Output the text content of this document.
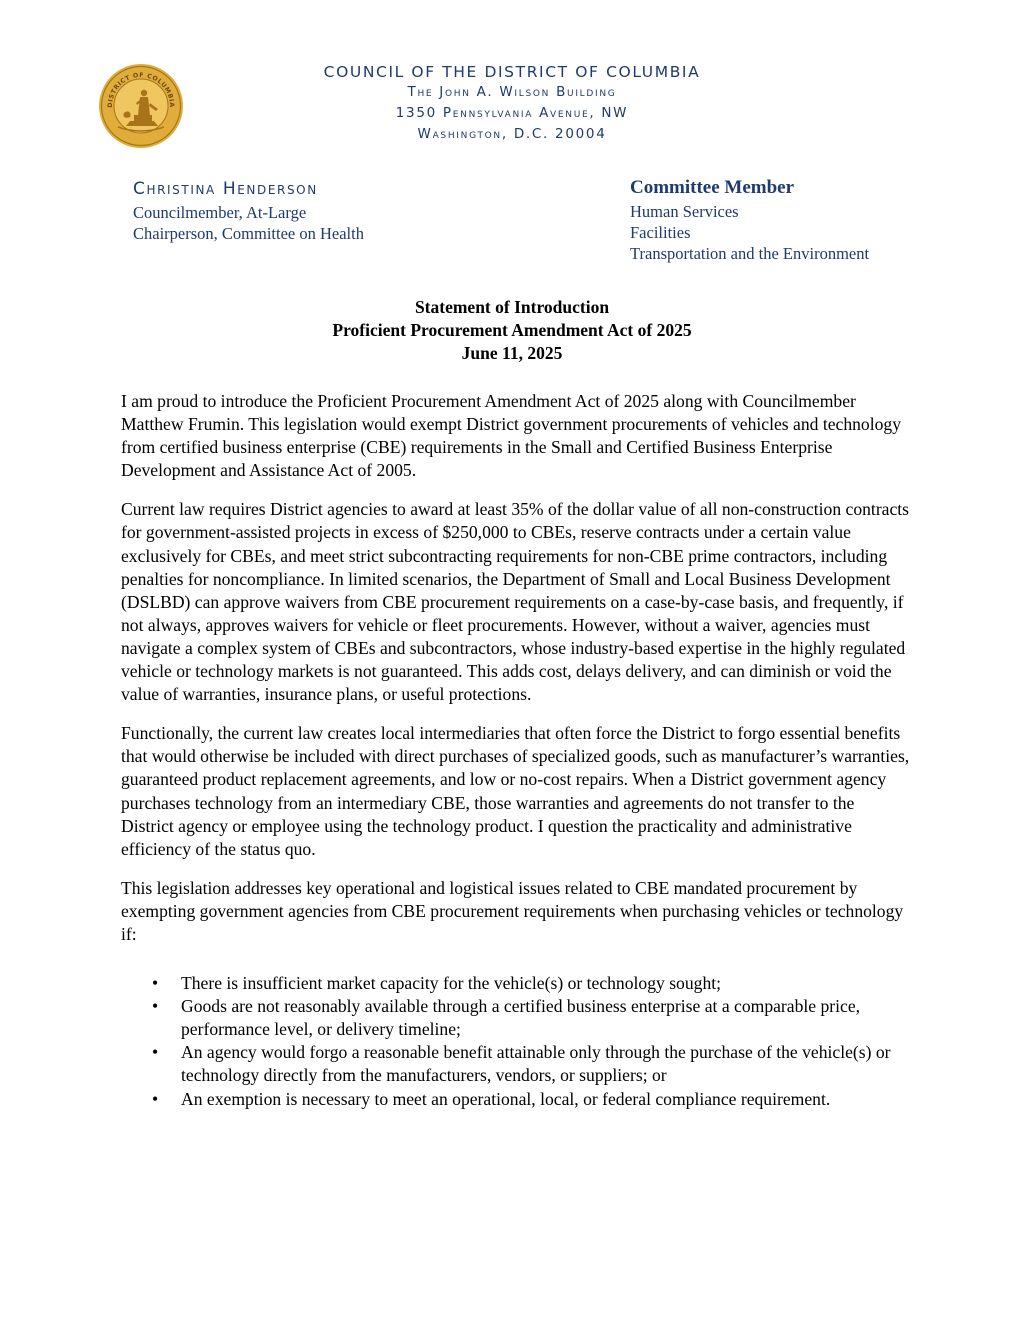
DISTRICT OF COLUMBIA
COUNCIL OF THE DISTRICT OF COLUMBIA
The John A. Wilson Building
1350 Pennsylvania Avenue, NW
Washington, D.C. 20004
Christina Henderson
Councilmember, At-Large
Chairperson, Committee on Health
Committee Member
Human Services
Facilities
Transportation and the Environment
Statement of Introduction
Proficient Procurement Amendment Act of 2025
June 11, 2025

I am proud to introduce the Proficient Procurement Amendment Act of 2025 along with Councilmember Matthew Frumin. This legislation would exempt District government procurements of vehicles and technology from certified business enterprise (CBE) requirements in the Small and Certified Business Enterprise Development and Assistance Act of 2005.

Current law requires District agencies to award at least 35% of the dollar value of all non-construction contracts for government-assisted projects in excess of $250,000 to CBEs, reserve contracts under a certain value exclusively for CBEs, and meet strict subcontracting requirements for non-CBE prime contractors, including penalties for noncompliance. In limited scenarios, the Department of Small and Local Business Development (DSLBD) can approve waivers from CBE procurement requirements on a case-by-case basis, and frequently, if not always, approves waivers for vehicle or fleet procurements. However, without a waiver, agencies must navigate a complex system of CBEs and subcontractors, whose industry-based expertise in the highly regulated vehicle or technology markets is not guaranteed. This adds cost, delays delivery, and can diminish or void the value of warranties, insurance plans, or useful protections.

Functionally, the current law creates local intermediaries that often force the District to forgo essential benefits that would otherwise be included with direct purchases of specialized goods, such as manufacturer’s warranties, guaranteed product replacement agreements, and low or no-cost repairs. When a District government agency purchases technology from an intermediary CBE, those warranties and agreements do not transfer to the District agency or employee using the technology product. I question the practicality and administrative efficiency of the status quo.

This legislation addresses key operational and logistical issues related to CBE mandated procurement by exempting government agencies from CBE procurement requirements when purchasing vehicles or technology if:

• There is insufficient market capacity for the vehicle(s) or technology sought;
• Goods are not reasonably available through a certified business enterprise at a comparable price, performance level, or delivery timeline;
• An agency would forgo a reasonable benefit attainable only through the purchase of the vehicle(s) or technology directly from the manufacturers, vendors, or suppliers; or
• An exemption is necessary to meet an operational, local, or federal compliance requirement.
